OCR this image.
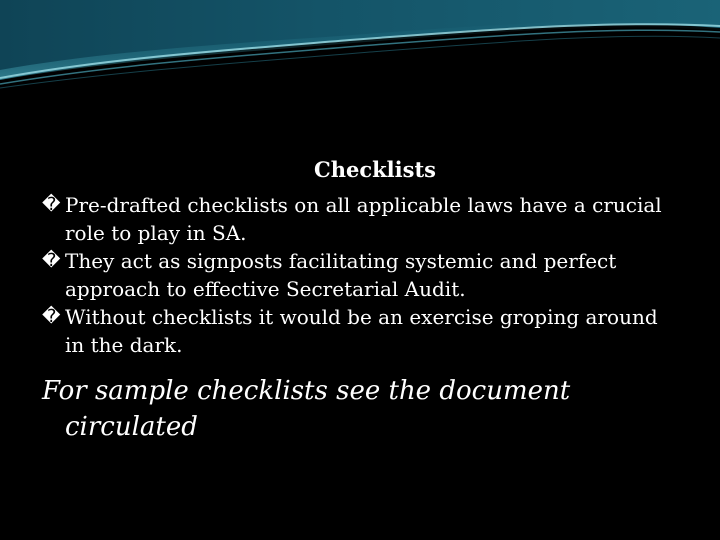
Checklists
� Pre-drafted checklists on all applicable laws have a crucial role to play in SA.
� They act as signposts facilitating systemic and perfect approach to effective Secretarial Audit.
� Without checklists it would be an exercise groping around in the dark.
For sample checklists see the document circulated
